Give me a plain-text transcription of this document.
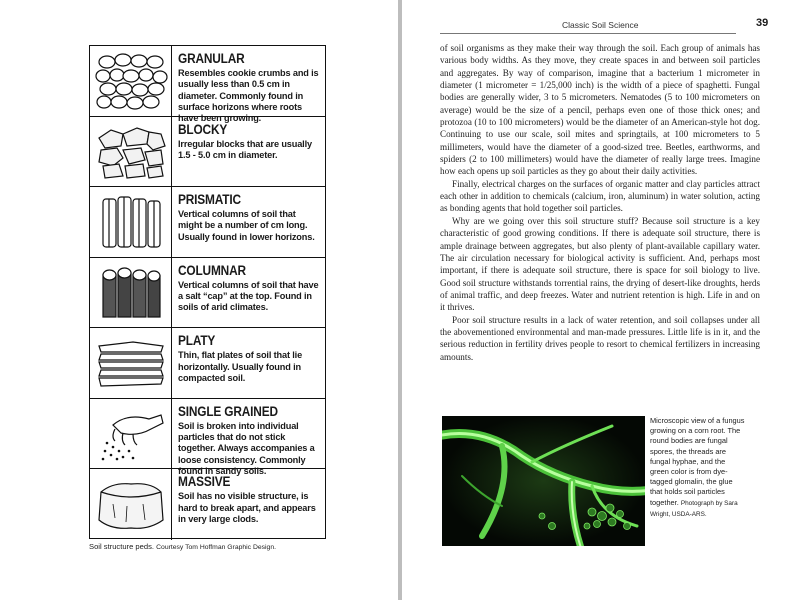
GRANULAR
Resembles cookie crumbs and is usually less than 0.5 cm in diameter. Commonly found in surface horizons where roots have been growing.
BLOCKY
Irregular blocks that are usually 1.5 - 5.0 cm in diameter.
PRISMATIC
Vertical columns of soil that might be a number of cm long. Usually found in lower horizons.
COLUMNAR
Vertical columns of soil that have a salt “cap” at the top. Found in soils of arid climates.
PLATY
Thin, flat plates of soil that lie horizontally. Usually found in compacted soil.
SINGLE GRAINED
Soil is broken into individual particles that do not stick together. Always accompanies a loose consistency. Commonly found in sandy soils.
MASSIVE
Soil has no visible structure, is hard to break apart, and appears in very large clods.
Soil structure peds. Courtesy Tom Hoffman Graphic Design.
Classic Soil Science	39

of soil organisms as they make their way through the soil. Each group of animals has various body widths. As they move, they create spaces in and between soil particles and aggregates. By way of comparison, imagine that a bacterium 1 micrometer in diameter (1 micrometer = 1/25,000 inch) is the width of a piece of spaghetti. Fungal bodies are generally wider, 3 to 5 micrometers. Nematodes (5 to 100 micrometers on average) would be the size of a pencil, perhaps even one of those thick ones; and protozoa (10 to 100 micrometers) would be the diameter of an American-style hot dog. Continuing to use our scale, soil mites and springtails, at 100 micrometers to 5 millimeters, would have the diameter of a good-sized tree. Beetles, earthworms, and spiders (2 to 100 millimeters) would have the diameter of really large trees. Imagine how each opens up soil particles as they go about their daily activities.

Finally, electrical charges on the surfaces of organic matter and clay particles attract each other in addition to chemicals (calcium, iron, aluminum) in water solution, acting as bonding agents that hold together soil particles.

Why are we going over this soil structure stuff? Because soil structure is a key characteristic of good growing conditions. If there is adequate soil structure, there is ample drainage between aggregates, but also plenty of plant-available capillary water. The air circulation necessary for biological activity is sufficient. And, perhaps most important, if there is adequate soil structure, there is space for soil biology to live. Good soil structure withstands torrential rains, the drying of desert-like droughts, herds of animal traffic, and deep freezes. Water and nutrient retention is high. Life in and on it thrives.

Poor soil structure results in a lack of water retention, and soil collapses under all the abovementioned environmental and man-made pressures. Little life is in it, and the serious reduction in fertility drives people to resort to chemical fertilizers in increasing amounts.

Microscopic view of a fungus growing on a corn root. The round bodies are fungal spores, the threads are fungal hyphae, and the green color is from dye-tagged glomalin, the glue that holds soil particles together. Photograph by Sara Wright, USDA-ARS.
